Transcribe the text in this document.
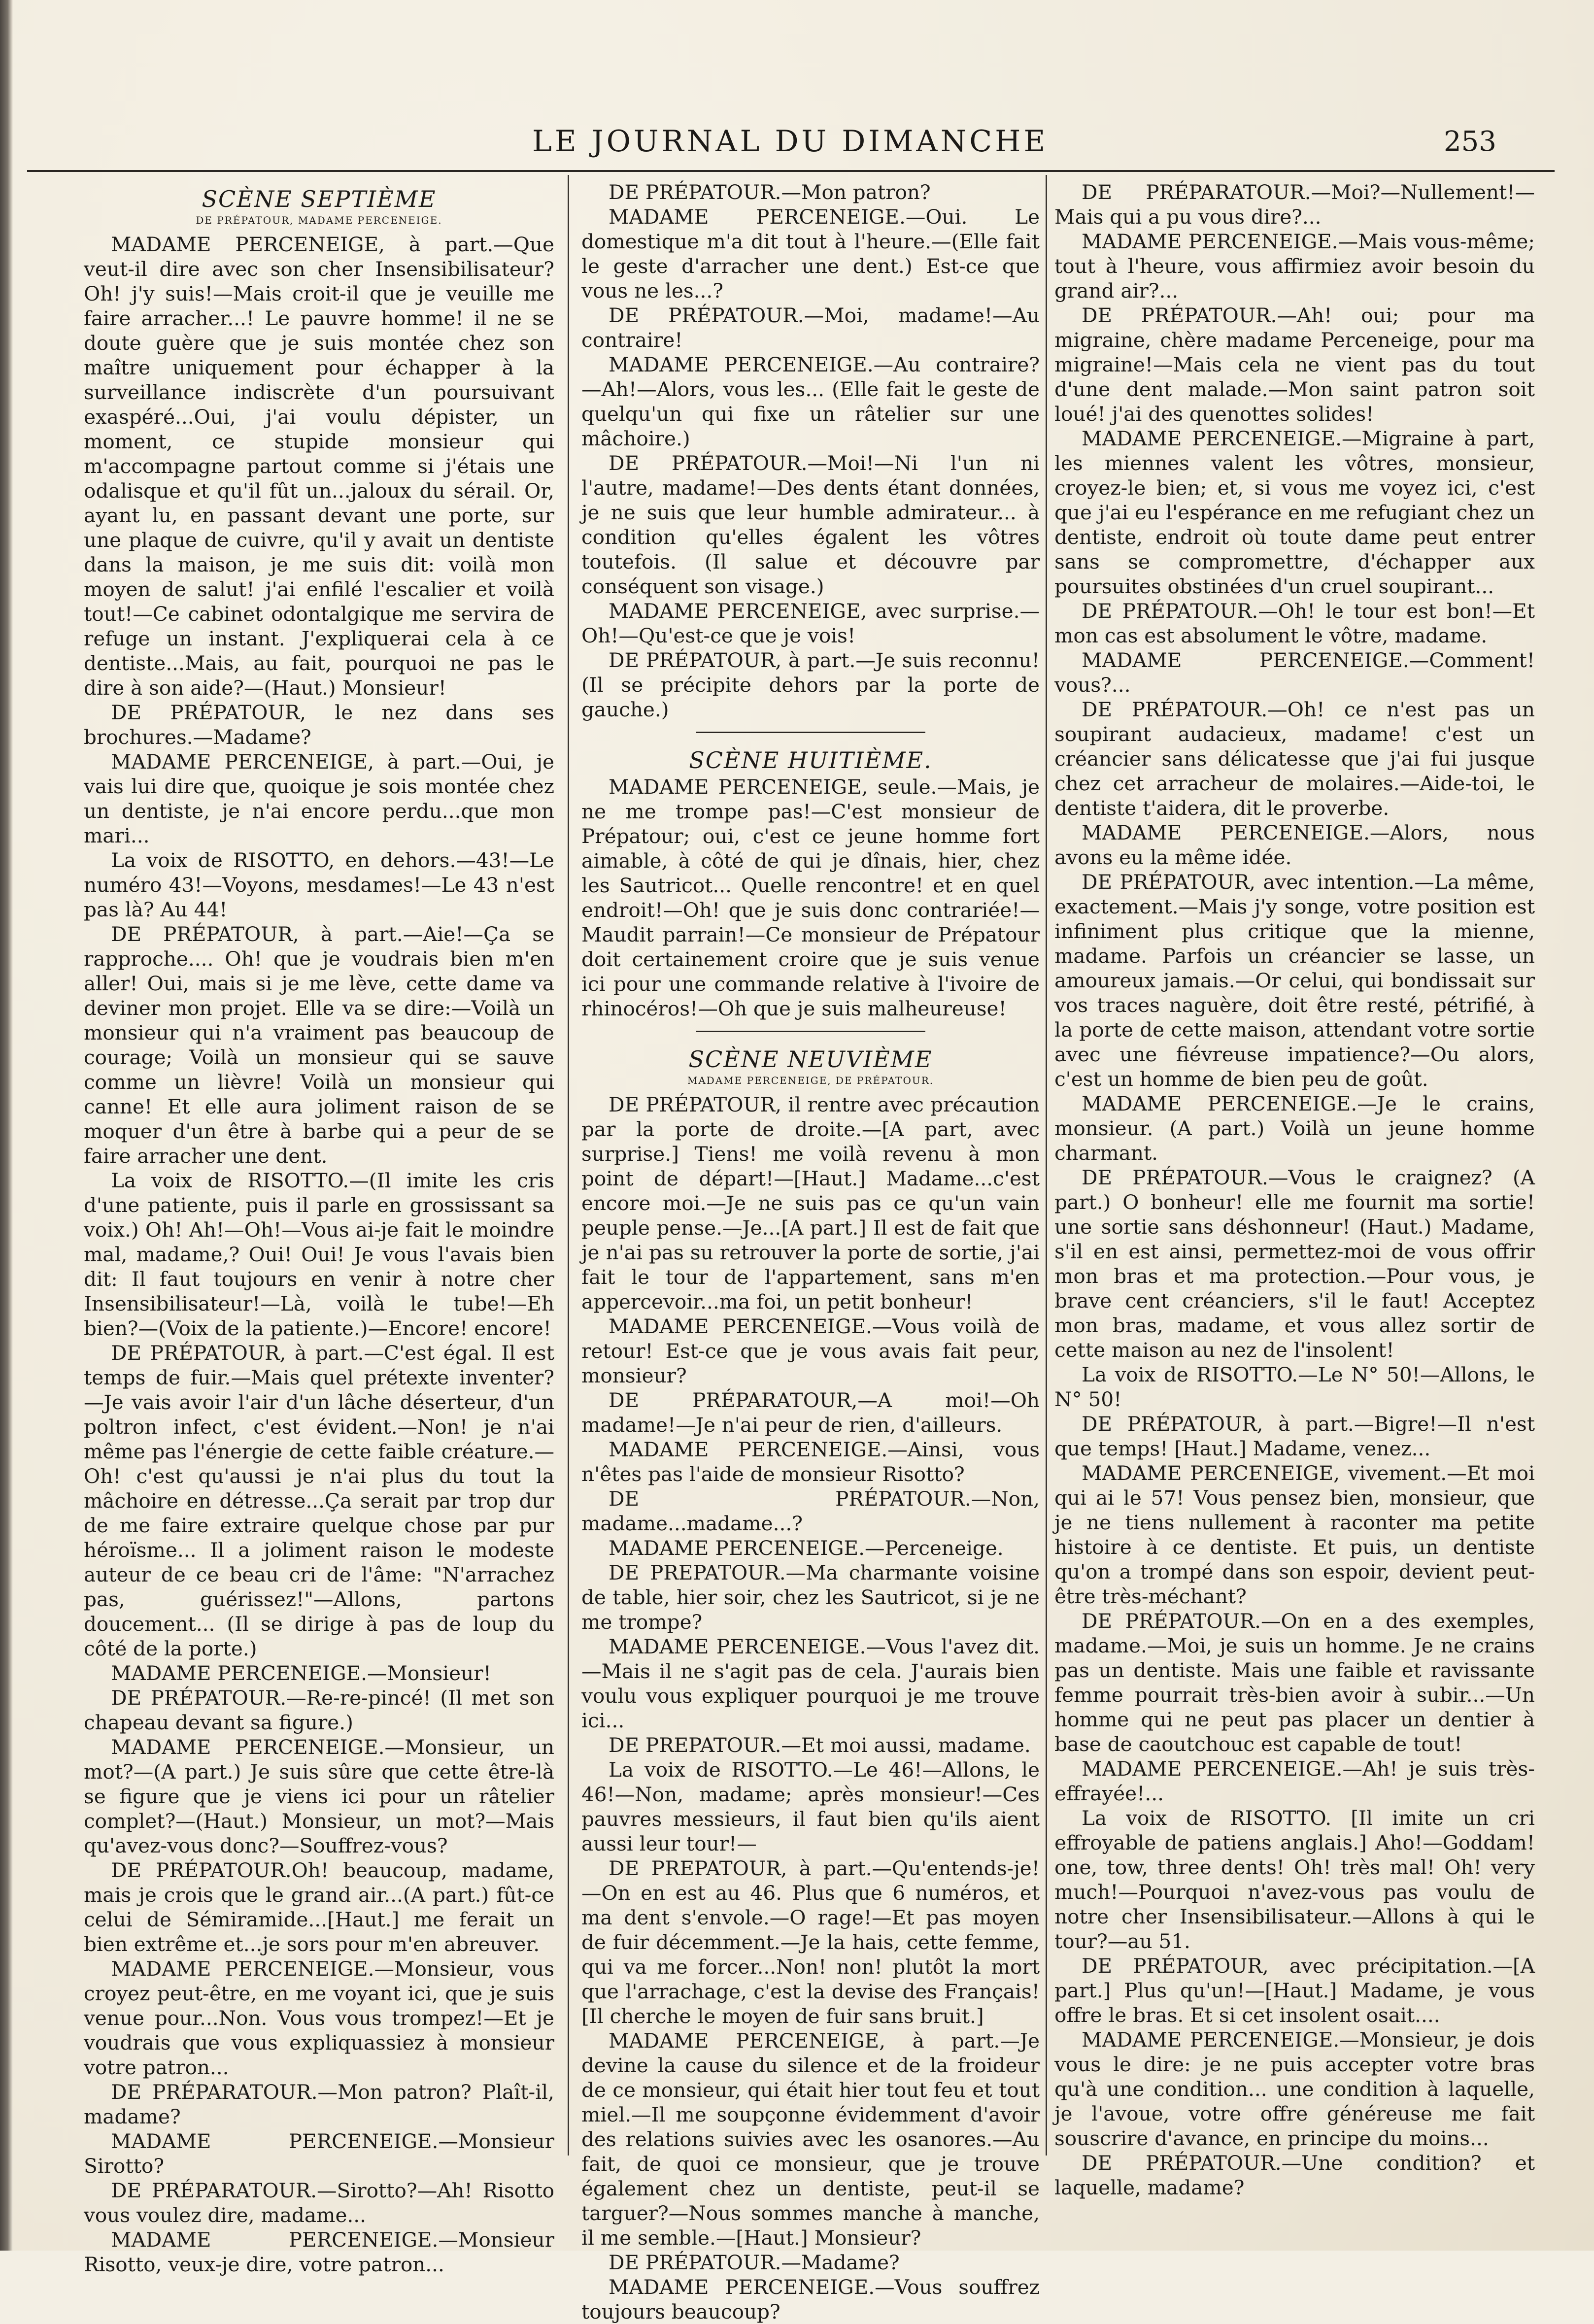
LE JOURNAL DU DIMANCHE	253
SCÈNE SEPTIÈME
DE PRÉPATOUR, MADAME PERCENEIGE.

MADAME PERCENEIGE, à part.—Que veut-il dire avec son cher Insensibilisateur? Oh! j'y suis!—Mais croit-il que je veuille me faire arracher...! Le pauvre homme! il ne se doute guère que je suis montée chez son maître uniquement pour échapper à la surveillance indiscrète d'un poursuivant exaspéré...Oui, j'ai voulu dépister, un moment, ce stupide monsieur qui m'accompagne partout comme si j'étais une odalisque et qu'il fût un...jaloux du sérail. Or, ayant lu, en passant devant une porte, sur une plaque de cuivre, qu'il y avait un dentiste dans la maison, je me suis dit: voilà mon moyen de salut! j'ai enfilé l'escalier et voilà tout!—Ce cabinet odontalgique me servira de refuge un instant. J'expliquerai cela à ce dentiste...Mais, au fait, pourquoi ne pas le dire à son aide?—(Haut.) Monsieur!

DE PRÉPATOUR, le nez dans ses brochures.—Madame?

MADAME PERCENEIGE, à part.—Oui, je vais lui dire que, quoique je sois montée chez un dentiste, je n'ai encore perdu...que mon mari...

La voix de RISOTTO, en dehors.—43!—Le numéro 43!—Voyons, mesdames!—Le 43 n'est pas là? Au 44!

DE PRÉPATOUR, à part.—Aie!—Ça se rapproche.... Oh! que je voudrais bien m'en aller! Oui, mais si je me lève, cette dame va deviner mon projet. Elle va se dire:—Voilà un monsieur qui n'a vraiment pas beaucoup de courage; Voilà un monsieur qui se sauve comme un lièvre! Voilà un monsieur qui canne! Et elle aura joliment raison de se moquer d'un être à barbe qui a peur de se faire arracher une dent.

La voix de RISOTTO.—(Il imite les cris d'une patiente, puis il parle en grossissant sa voix.) Oh! Ah!—Oh!—Vous ai-je fait le moindre mal, madame,? Oui! Oui! Je vous l'avais bien dit: Il faut toujours en venir à notre cher Insensibilisateur!—Là, voilà le tube!—Eh bien?—(Voix de la patiente.)—Encore! encore!

DE PRÉPATOUR, à part.—C'est égal. Il est temps de fuir.—Mais quel prétexte inventer?—Je vais avoir l'air d'un lâche déserteur, d'un poltron infect, c'est évident.—Non! je n'ai même pas l'énergie de cette faible créature.—Oh! c'est qu'aussi je n'ai plus du tout la mâchoire en détresse...Ça serait par trop dur de me faire extraire quelque chose par pur héroïsme... Il a joliment raison le modeste auteur de ce beau cri de l'âme: "N'arrachez pas, guérissez!"—Allons, partons doucement... (Il se dirige à pas de loup du côté de la porte.)

MADAME PERCENEIGE.—Monsieur!

DE PRÉPATOUR.—Re-re-pincé! (Il met son chapeau devant sa figure.)

MADAME PERCENEIGE.—Monsieur, un mot?—(A part.) Je suis sûre que cette être-là se figure que je viens ici pour un râtelier complet?—(Haut.) Monsieur, un mot?—Mais qu'avez-vous donc?—Souffrez-vous?

DE PRÉPATOUR.Oh! beaucoup, madame, mais je crois que le grand air...(A part.) fût-ce celui de Sémiramide...[Haut.] me ferait un bien extrême et...je sors pour m'en abreuver.

MADAME PERCENEIGE.—Monsieur, vous croyez peut-être, en me voyant ici, que je suis venue pour...Non. Vous vous trompez!—Et je voudrais que vous expliquassiez à monsieur votre patron...

DE PRÉPARATOUR.—Mon patron? Plaît-il, madame?

MADAME PERCENEIGE.—Monsieur Sirotto?

DE PRÉPARATOUR.—Sirotto?—Ah! Risotto vous voulez dire, madame...

MADAME PERCENEIGE.—Monsieur Risotto, veux-je dire, votre patron...

DE PRÉPATOUR.—Mon patron?

MADAME PERCENEIGE.—Oui. Le domestique m'a dit tout à l'heure.—(Elle fait le geste d'arracher une dent.) Est-ce que vous ne les...?

DE PRÉPATOUR.—Moi, madame!—Au contraire!

MADAME PERCENEIGE.—Au contraire?—Ah!—Alors, vous les... (Elle fait le geste de quelqu'un qui fixe un râtelier sur une mâchoire.)

DE PRÉPATOUR.—Moi!—Ni l'un ni l'autre, madame!—Des dents étant données, je ne suis que leur humble admirateur... à condition qu'elles égalent les vôtres toutefois. (Il salue et découvre par conséquent son visage.)

MADAME PERCENEIGE, avec surprise.—Oh!—Qu'est-ce que je vois!

DE PRÉPATOUR, à part.—Je suis reconnu! (Il se précipite dehors par la porte de gauche.)

SCÈNE HUITIÈME.

MADAME PERCENEIGE, seule.—Mais, je ne me trompe pas!—C'est monsieur de Prépatour; oui, c'est ce jeune homme fort aimable, à côté de qui je dînais, hier, chez les Sautricot... Quelle rencontre! et en quel endroit!—Oh! que je suis donc contrariée!—Maudit parrain!—Ce monsieur de Prépatour doit certainement croire que je suis venue ici pour une commande relative à l'ivoire de rhinocéros!—Oh que je suis malheureuse!

SCÈNE NEUVIÈME
MADAME PERCENEIGE, DE PRÉPATOUR.

DE PRÉPATOUR, il rentre avec précaution par la porte de droite.—[A part, avec surprise.] Tiens! me voilà revenu à mon point de départ!—[Haut.] Madame...c'est encore moi.—Je ne suis pas ce qu'un vain peuple pense.—Je...[A part.] Il est de fait que je n'ai pas su retrouver la porte de sortie, j'ai fait le tour de l'appartement, sans m'en appercevoir...ma foi, un petit bonheur!

MADAME PERCENEIGE.—Vous voilà de retour! Est-ce que je vous avais fait peur, monsieur?

DE PRÉPARATOUR,—A moi!—Oh madame!—Je n'ai peur de rien, d'ailleurs.

MADAME PERCENEIGE.—Ainsi, vous n'êtes pas l'aide de monsieur Risotto?

DE PRÉPATOUR.—Non, madame...madame...?

MADAME PERCENEIGE.—Perceneige.

DE PREPATOUR.—Ma charmante voisine de table, hier soir, chez les Sautricot, si je ne me trompe?

MADAME PERCENEIGE.—Vous l'avez dit.—Mais il ne s'agit pas de cela. J'aurais bien voulu vous expliquer pourquoi je me trouve ici...

DE PREPATOUR.—Et moi aussi, madame.

La voix de RISOTTO.—Le 46!—Allons, le 46!—Non, madame; après monsieur!—Ces pauvres messieurs, il faut bien qu'ils aient aussi leur tour!—

DE PREPATOUR, à part.—Qu'entends-je!—On en est au 46. Plus que 6 numéros, et ma dent s'envole.—O rage!—Et pas moyen de fuir décemment.—Je la hais, cette femme, qui va me forcer...Non! non! plutôt la mort que l'arrachage, c'est la devise des Français! [Il cherche le moyen de fuir sans bruit.]

MADAME PERCENEIGE, à part.—Je devine la cause du silence et de la froideur de ce monsieur, qui était hier tout feu et tout miel.—Il me soupçonne évidemment d'avoir des relations suivies avec les osanores.—Au fait, de quoi ce monsieur, que je trouve également chez un dentiste, peut-il se targuer?—Nous sommes manche à manche, il me semble.—[Haut.] Monsieur?

DE PRÉPATOUR.—Madame?

MADAME PERCENEIGE.—Vous souffrez toujours beaucoup?

DE PRÉPARATOUR.—Moi?—Nullement!—Mais qui a pu vous dire?...

MADAME PERCENEIGE.—Mais vous-même; tout à l'heure, vous affirmiez avoir besoin du grand air?...

DE PRÉPATOUR.—Ah! oui; pour ma migraine, chère madame Perceneige, pour ma migraine!—Mais cela ne vient pas du tout d'une dent malade.—Mon saint patron soit loué! j'ai des quenottes solides!

MADAME PERCENEIGE.—Migraine à part, les miennes valent les vôtres, monsieur, croyez-le bien; et, si vous me voyez ici, c'est que j'ai eu l'espérance en me refugiant chez un dentiste, endroit où toute dame peut entrer sans se compromettre, d'échapper aux poursuites obstinées d'un cruel soupirant...

DE PRÉPATOUR.—Oh! le tour est bon!—Et mon cas est absolument le vôtre, madame.

MADAME PERCENEIGE.—Comment! vous?...

DE PRÉPATOUR.—Oh! ce n'est pas un soupirant audacieux, madame! c'est un créancier sans délicatesse que j'ai fui jusque chez cet arracheur de molaires.—Aide-toi, le dentiste t'aidera, dit le proverbe.

MADAME PERCENEIGE.—Alors, nous avons eu la même idée.

DE PRÉPATOUR, avec intention.—La même, exactement.—Mais j'y songe, votre position est infiniment plus critique que la mienne, madame. Parfois un créancier se lasse, un amoureux jamais.—Or celui, qui bondissait sur vos traces naguère, doit être resté, pétrifié, à la porte de cette maison, attendant votre sortie avec une fiévreuse impatience?—Ou alors, c'est un homme de bien peu de goût.

MADAME PERCENEIGE.—Je le crains, monsieur. (A part.) Voilà un jeune homme charmant.

DE PRÉPATOUR.—Vous le craignez? (A part.) O bonheur! elle me fournit ma sortie! une sortie sans déshonneur! (Haut.) Madame, s'il en est ainsi, permettez-moi de vous offrir mon bras et ma protection.—Pour vous, je brave cent créanciers, s'il le faut! Acceptez mon bras, madame, et vous allez sortir de cette maison au nez de l'insolent!

La voix de RISOTTO.—Le N° 50!—Allons, le N° 50!

DE PRÉPATOUR, à part.—Bigre!—Il n'est que temps! [Haut.] Madame, venez...

MADAME PERCENEIGE, vivement.—Et moi qui ai le 57! Vous pensez bien, monsieur, que je ne tiens nullement à raconter ma petite histoire à ce dentiste. Et puis, un dentiste qu'on a trompé dans son espoir, devient peut-être très-méchant?

DE PRÉPATOUR.—On en a des exemples, madame.—Moi, je suis un homme. Je ne crains pas un dentiste. Mais une faible et ravissante femme pourrait très-bien avoir à subir...—Un homme qui ne peut pas placer un dentier à base de caoutchouc est capable de tout!

MADAME PERCENEIGE.—Ah! je suis très-effrayée!...

La voix de RISOTTO. [Il imite un cri effroyable de patiens anglais.] Aho!—Goddam! one, tow, three dents! Oh! très mal! Oh! very much!—Pourquoi n'avez-vous pas voulu de notre cher Insensibilisateur.—Allons à qui le tour?—au 51.

DE PRÉPATOUR, avec précipitation.—[A part.] Plus qu'un!—[Haut.] Madame, je vous offre le bras. Et si cet insolent osait....

MADAME PERCENEIGE.—Monsieur, je dois vous le dire: je ne puis accepter votre bras qu'à une condition... une condition à laquelle, je l'avoue, votre offre généreuse me fait souscrire d'avance, en principe du moins...

DE PRÉPATOUR.—Une condition? et laquelle, madame?
